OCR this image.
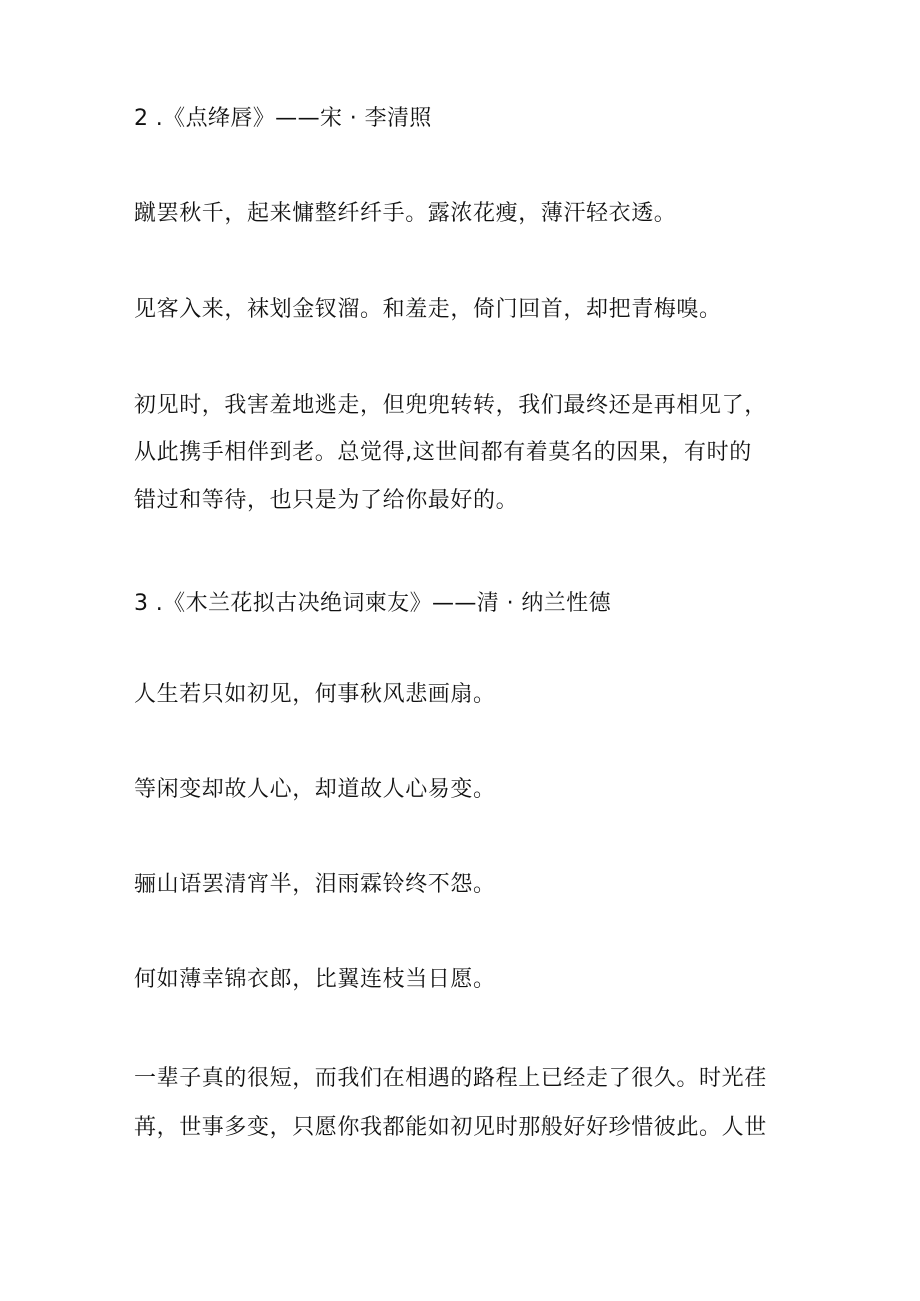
2 .《点绛唇》——宋 · 李清照
蹴罢秋千，起来慵整纤纤手。露浓花瘦，薄汗轻衣透。
见客入来，袜划金钗溜。和羞走，倚门回首，却把青梅嗅。
初见时，我害羞地逃走，但兜兜转转，我们最终还是再相见了，
从此携手相伴到老。总觉得,这世间都有着莫名的因果，有时的
错过和等待，也只是为了给你最好的。
3 .《木兰花拟古决绝词柬友》——清 · 纳兰性德
人生若只如初见，何事秋风悲画扇。
等闲变却故人心，却道故人心易变。
骊山语罢清宵半，泪雨霖铃终不怨。
何如薄幸锦衣郎，比翼连枝当日愿。
一辈子真的很短，而我们在相遇的路程上已经走了很久。时光荏
苒，世事多变，只愿你我都能如初见时那般好好珍惜彼此。人世
